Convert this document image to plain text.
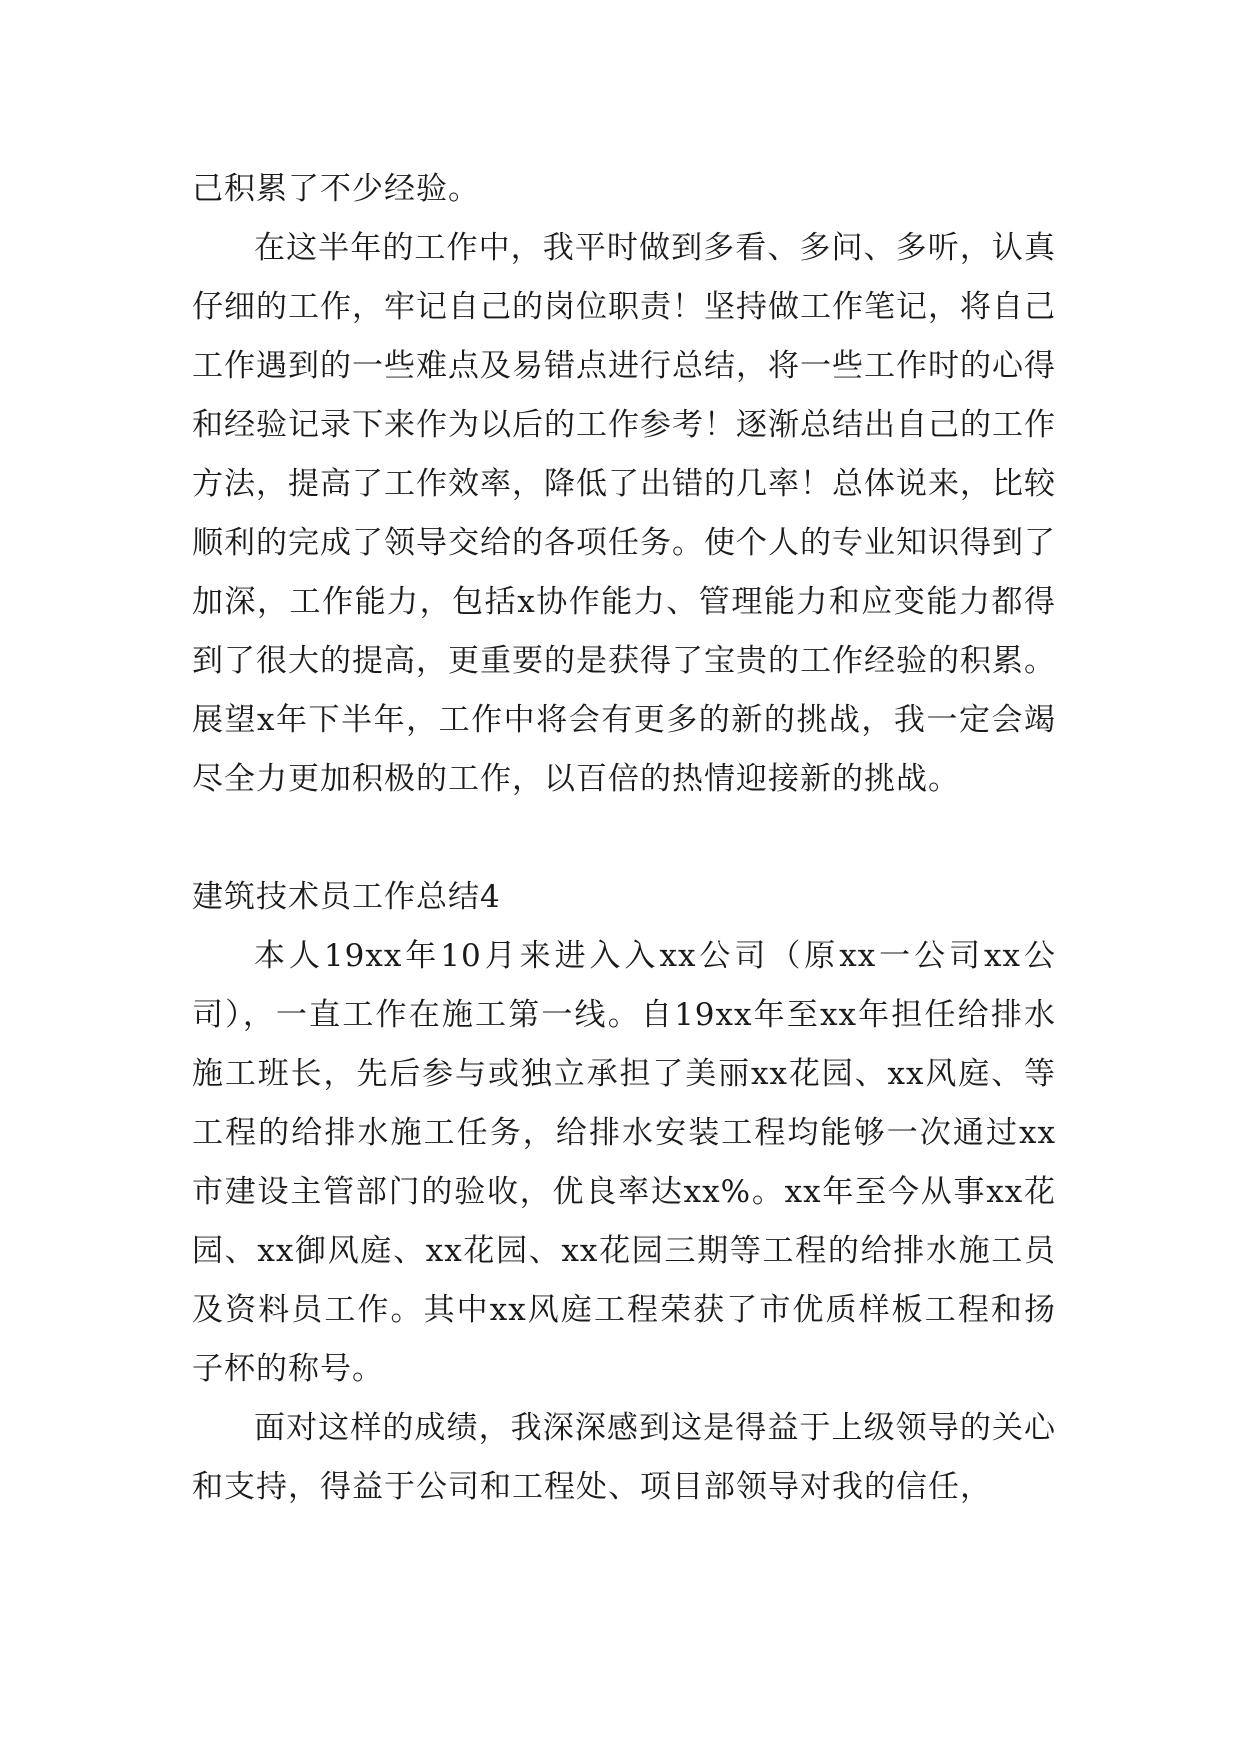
己积累了不少经验。

在这半年的工作中，我平时做到多看、多问、多听，认真仔细的工作，牢记自己的岗位职责！坚持做工作笔记，将自己工作遇到的一些难点及易错点进行总结，将一些工作时的心得和经验记录下来作为以后的工作参考！逐渐总结出自己的工作方法，提高了工作效率，降低了出错的几率！总体说来，比较顺利的完成了领导交给的各项任务。使个人的专业知识得到了加深，工作能力，包括x协作能力、管理能力和应变能力都得到了很大的提高，更重要的是获得了宝贵的工作经验的积累。展望x年下半年，工作中将会有更多的新的挑战，我一定会竭尽全力更加积极的工作，以百倍的热情迎接新的挑战。

建筑技术员工作总结4

本人19xx年10月来进入入xx公司（原xx一公司xx公司），一直工作在施工第一线。自19xx年至xx年担任给排水施工班长，先后参与或独立承担了美丽xx花园、xx风庭、等工程的给排水施工任务，给排水安装工程均能够一次通过xx市建设主管部门的验收，优良率达xx%。xx年至今从事xx花园、xx御风庭、xx花园、xx花园三期等工程的给排水施工员及资料员工作。其中xx风庭工程荣获了市优质样板工程和扬子杯的称号。

面对这样的成绩，我深深感到这是得益于上级领导的关心和支持，得益于公司和工程处、项目部领导对我的信任，
